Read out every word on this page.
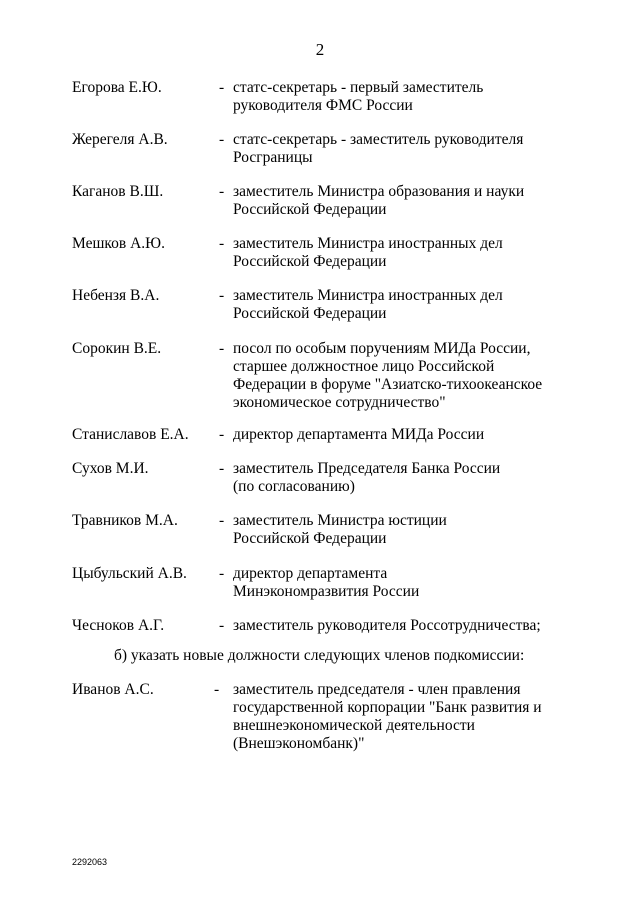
2
Егорова Е.Ю.	- статс-секретарь - первый заместитель
руководителя ФМС России
Жерегеля А.В.	- статс-секретарь - заместитель руководителя
Росграницы
Каганов В.Ш.	- заместитель Министра образования и науки
Российской Федерации
Мешков А.Ю.	- заместитель Министра иностранных дел
Российской Федерации
Небензя В.А.	- заместитель Министра иностранных дел
Российской Федерации
Сорокин В.Е.	- посол по особым поручениям МИДа России,
старшее должностное лицо Российской
Федерации в форуме "Азиатско-тихоокеанское
экономическое сотрудничество"
Станиславов Е.А. - директор департамента МИДа России
Сухов М.И.	- заместитель Председателя Банка России
(по согласованию)
Травников М.А.	- заместитель Министра юстиции
Российской Федерации
Цыбульский А.В. - директор департамента
Минэкономразвития России
Чесноков А.Г.	- заместитель руководителя Россотрудничества;
б) указать новые должности следующих членов подкомиссии:
Иванов А.С.	- заместитель председателя - член правления
государственной корпорации "Банк развития и
внешнеэкономической деятельности
(Внешэкономбанк)"
2292063
